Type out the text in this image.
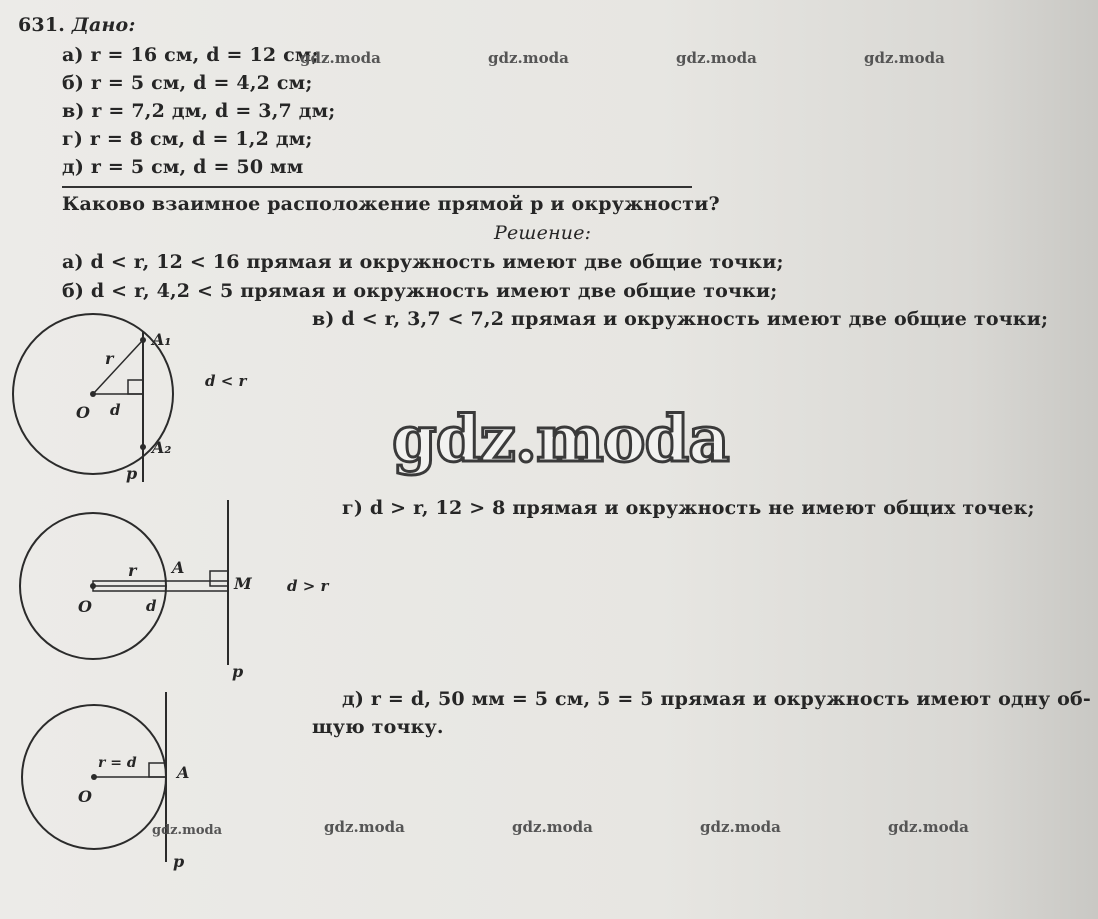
631. Дано:
а) r = 16 см, d = 12 см;
б) r = 5 см, d = 4,2 см;
в) r = 7,2 дм, d = 3,7 дм;
г) r = 8 см, d = 1,2 дм;
д) r = 5 см, d = 50 мм
Каково взаимное расположение прямой p и окружности?
Решение:
а) d < r, 12 < 16 прямая и окружность имеют две общие точки;
б) d < r, 4,2 < 5 прямая и окружность имеют две общие точки;
в) d < r, 3,7 < 7,2 прямая и окружность имеют две общие точки;
г) d > r, 12 > 8 прямая и окружность не имеют общих точек;
д) r = d, 50 мм = 5 см, 5 = 5 прямая и окружность имеют одну об-
щую точку.
O
r
d
A₁
A₂
p
d < r
O
r
d
A
M
p
d > r
O
r = d	A
p
gdz.moda	gdz.moda	gdz.moda	gdz.moda
gdz.moda
gdz.moda	gdz.moda	gdz.moda	gdz.moda	gdz.moda
